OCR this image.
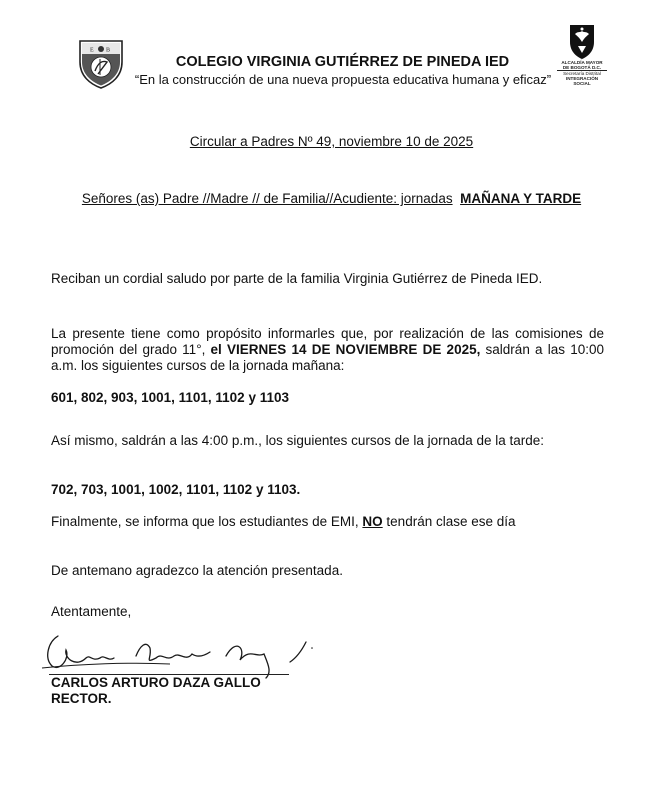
E B
COLEGIO VIRGINIA GUTIÉRREZ DE PINEDA IED
“En la construcción de una nueva propuesta educativa humana y eficaz”
ALCALDÍA MAYOR
DE BOGOTÁ D.C.
Secretaría Distrital
INTEGRACIÓN SOCIAL
Circular a Padres Nº 49, noviembre 10 de 2025
Señores (as) Padre //Madre // de Familia//Acudiente: jornadas MAÑANA Y TARDE
Reciban un cordial saludo por parte de la familia Virginia Gutiérrez de Pineda IED.
La presente tiene como propósito informarles que, por realización de las comisiones de promoción del grado 11°, el VIERNES 14 DE NOVIEMBRE DE 2025, saldrán a las 10:00 a.m. los siguientes cursos de la jornada mañana:
601, 802, 903, 1001, 1101, 1102 y 1103
Así mismo, saldrán a las 4:00 p.m., los siguientes cursos de la jornada de la tarde:
702, 703, 1001, 1002, 1101, 1102 y 1103.
Finalmente, se informa que los estudiantes de EMI, NO tendrán clase ese día
De antemano agradezco la atención presentada.
Atentamente,
CARLOS ARTURO DAZA GALLO
RECTOR.
